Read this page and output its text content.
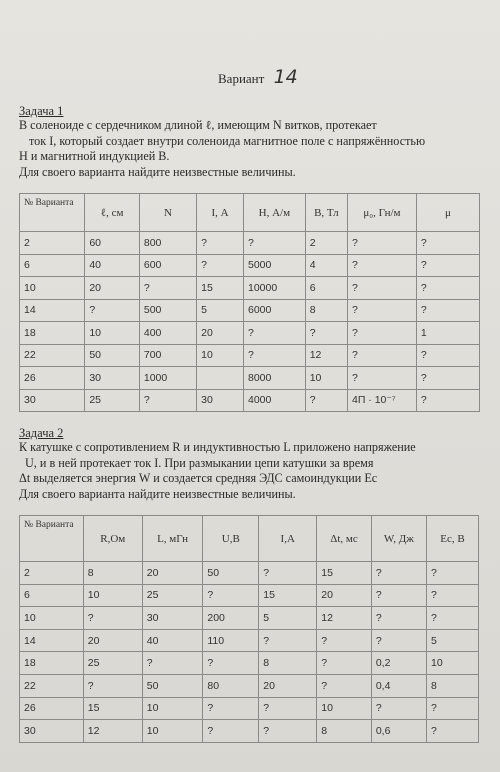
Вариант 14
Задача 1

В соленоиде с сердечником длиной ℓ, имеющим N витков, протекает

ток I, который создает внутри соленоида магнитное поле с напряжённостью

H и магнитной индукцией B.

Для своего варианта найдите неизвестные величины.

№ Варианта	ℓ, см	N	I, А	H, А/м	B, Тл	μ₀, Гн/м	μ
2	60	800	?	?	2	?	?
6	40	600	?	5000	4	?	?
10	20	?	15	10000	6	?	?
14	?	500	5	6000	8	?	?
18	10	400	20	?	?	?	1
22	50	700	10	?	12	?	?
26	30	1000		8000	10	?	?
30	25	?	30	4000	?	4П · 10⁻⁷	?
Задача 2

К катушке с сопротивлением R и индуктивностью L приложено напряжение

U, и в ней протекает ток I. При размыкании цепи катушки за время

Δt выделяется энергия W и создается средняя ЭДС самоиндукции Ec

Для своего варианта найдите неизвестные величины.

№ Варианта	R,Ом	L, мГн	U,В	I,А	Δt, мс	W, Дж	Ec, В
2	8	20	50	?	15	?	?
6	10	25	?	15	20	?	?
10	?	30	200	5	12	?	?
14	20	40	110	?	?	?	5
18	25	?	?	8	?	0,2	10
22	?	50	80	20	?	0,4	8
26	15	10	?	?	10	?	?
30	12	10	?	?	8	0,6	?
